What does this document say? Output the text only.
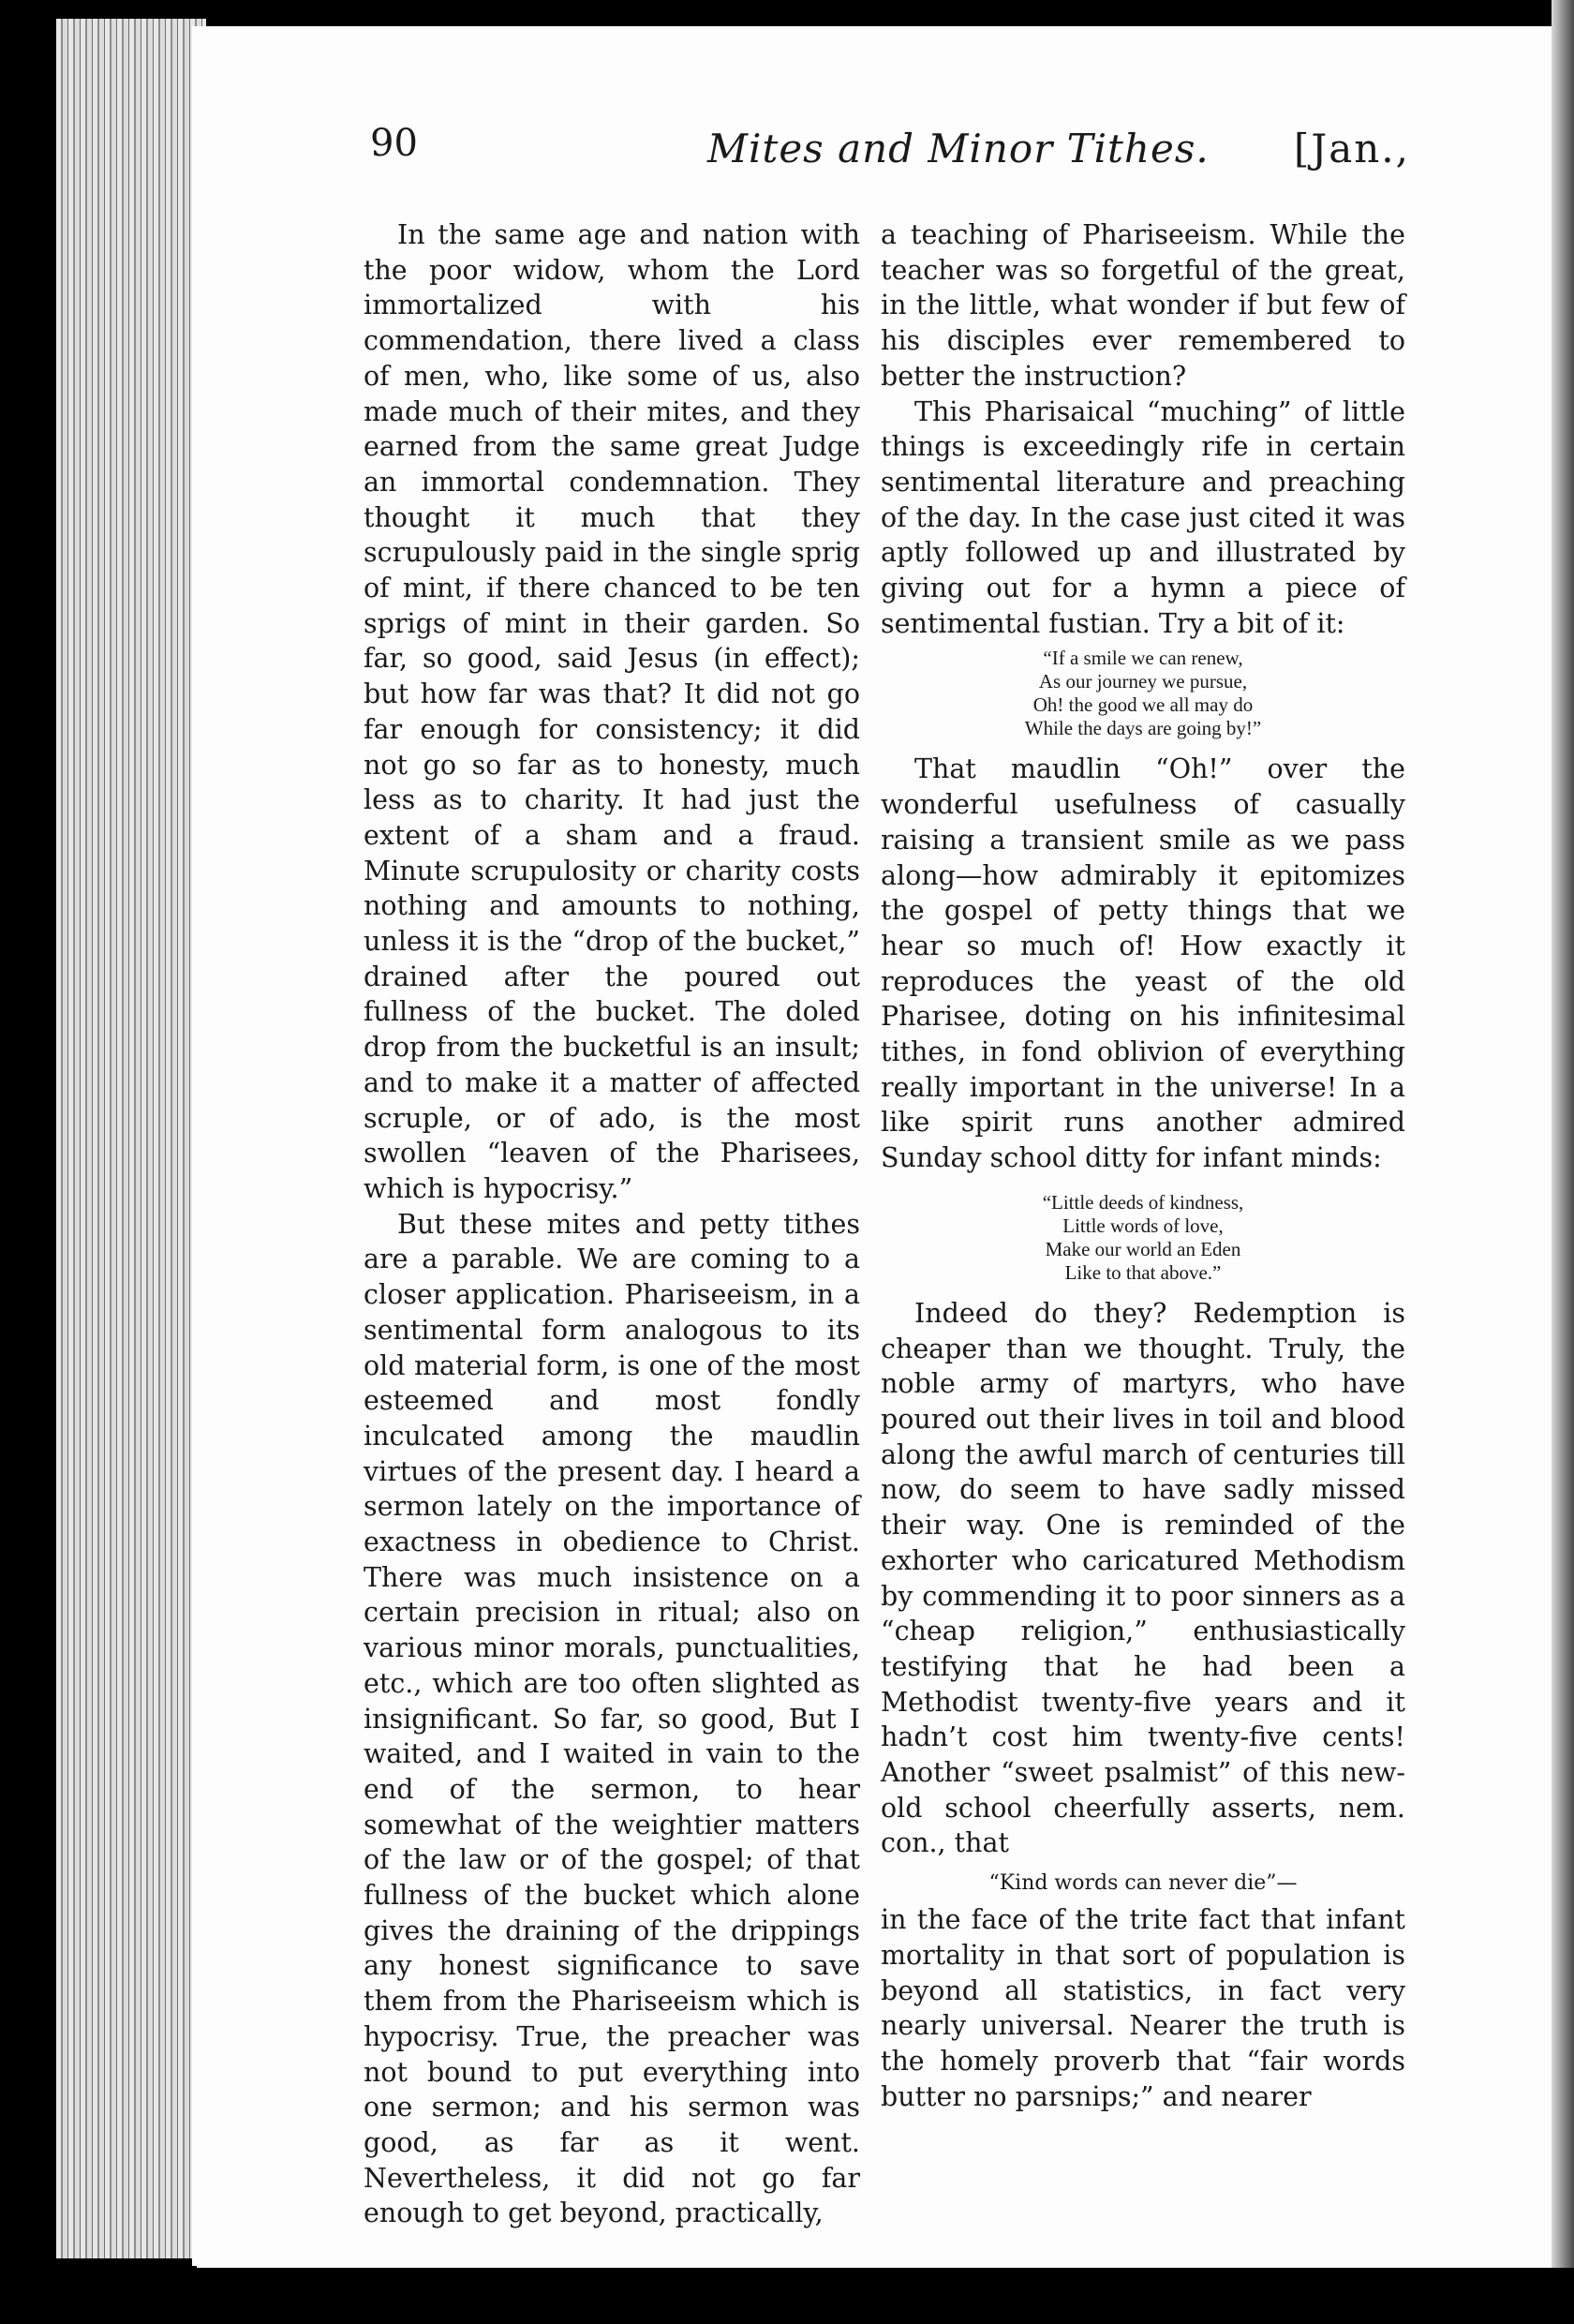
90	Mites and Minor Tithes. [Jan.,

In the same age and nation with the poor widow, whom the Lord immortalized with his commendation, there lived a class of men, who, like some of us, also made much of their mites, and they earned from the same great Judge an immortal condemnation. They thought it much that they scrupulously paid in the single sprig of mint, if there chanced to be ten sprigs of mint in their garden. So far, so good, said Jesus (in effect); but how far was that? It did not go far enough for consistency; it did not go so far as to honesty, much less as to charity. It had just the extent of a sham and a fraud. Minute scrupulosity or charity costs nothing and amounts to nothing, unless it is the “drop of the bucket,” drained after the poured out fullness of the bucket. The doled drop from the bucketful is an insult; and to make it a matter of affected scruple, or of ado, is the most swollen “leaven of the Pharisees, which is hypocrisy.”

But these mites and petty tithes are a parable. We are coming to a closer application. Phariseeism, in a sentimental form analogous to its old material form, is one of the most esteemed and most fondly inculcated among the maudlin virtues of the present day. I heard a sermon lately on the importance of exactness in obedience to Christ. There was much insistence on a certain precision in ritual; also on various minor morals, punctualities, etc., which are too often slighted as insignificant. So far, so good, But I waited, and I waited in vain to the end of the sermon, to hear somewhat of the weightier matters of the law or of the gospel; of that fullness of the bucket which alone gives the draining of the drippings any honest significance to save them from the Phariseeism which is hypocrisy. True, the preacher was not bound to put everything into one sermon; and his sermon was good, as far as it went. Nevertheless, it did not go far enough to get beyond, practically,

a teaching of Phariseeism. While the teacher was so forgetful of the great, in the little, what wonder if but few of his disciples ever remembered to better the instruction?

This Pharisaical “muching” of little things is exceedingly rife in certain sentimental literature and preaching of the day. In the case just cited it was aptly followed up and illustrated by giving out for a hymn a piece of sentimental fustian. Try a bit of it:

“If a smile we can renew,
As our journey we pursue,
Oh! the good we all may do
While the days are going by!”

That maudlin “Oh!” over the wonderful usefulness of casually raising a transient smile as we pass along—how admirably it epitomizes the gospel of petty things that we hear so much of! How exactly it reproduces the yeast of the old Pharisee, doting on his infinitesimal tithes, in fond oblivion of everything really important in the universe! In a like spirit runs another admired Sunday school ditty for infant minds:

“Little deeds of kindness,
Little words of love,
Make our world an Eden
Like to that above.”

Indeed do they? Redemption is cheaper than we thought. Truly, the noble army of martyrs, who have poured out their lives in toil and blood along the awful march of centuries till now, do seem to have sadly missed their way. One is reminded of the exhorter who caricatured Methodism by commending it to poor sinners as a “cheap religion,” enthusiastically testifying that he had been a Methodist twenty-five years and it hadn’t cost him twenty-five cents! Another “sweet psalmist” of this new-old school cheerfully asserts, nem. con., that

“Kind words can never die”—

in the face of the trite fact that infant mortality in that sort of population is beyond all statistics, in fact very nearly universal. Nearer the truth is the homely proverb that “fair words butter no parsnips;” and nearer
